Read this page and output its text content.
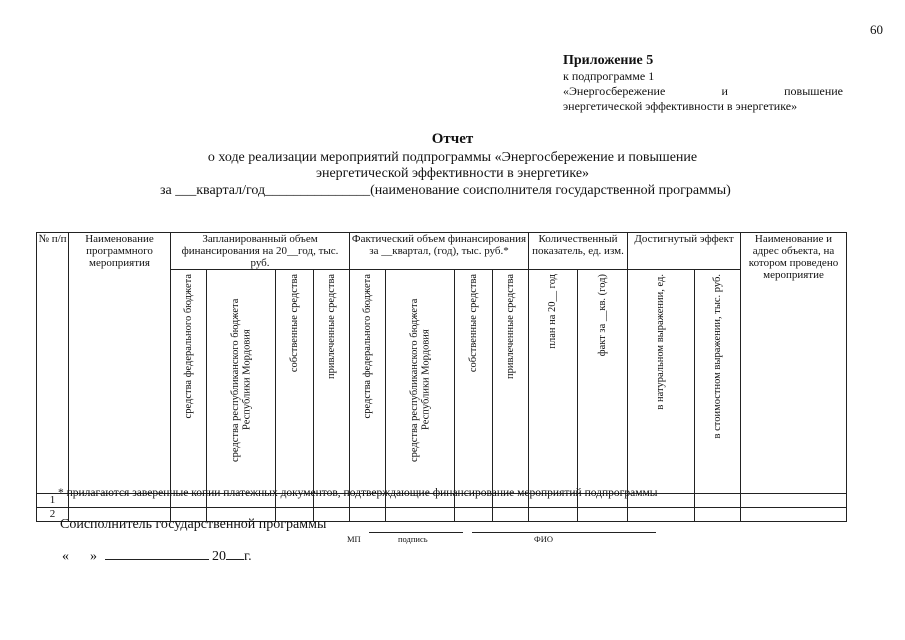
60
Приложение 5
к подпрограмме 1
«Энергосбережение и повышение
энергетической эффективности в энергетике»
Отчет
о ходе реализации мероприятий подпрограммы «Энергосбережение и повышение
энергетической эффективности в энергетике»
за ___квартал/год_______________(наименование соисполнителя государственной программы)
№ п/п	Наименование программного мероприятия	Запланированный объем финансирования на 20__год, тыс. руб.				Фактический объем финансирования за __квартал, (год), тыс. руб.*				Количественный показатель, ед. изм.		Достигнутый эффект		Наименование и адрес объекта, на котором проведено мероприятие
		средства федерального бюджета	средства республиканского бюджета Республики Мордовия	собственные средства	привлеченные средства	средства федерального бюджета	средства республиканского бюджета Республики Мордовия	собственные средства	привлеченные средства	план на 20__ год	факт за __кв. (год)	в натуральном выражении, ед.	в стоимостном выражении, тыс. руб.	
1														
2														
* прилагаются заверенные копии платежных документов, подтверждающие финансирование мероприятий подпрограммы
Соисполнитель государственной программы
МП	подпись	ФИО
« »	20 г.
